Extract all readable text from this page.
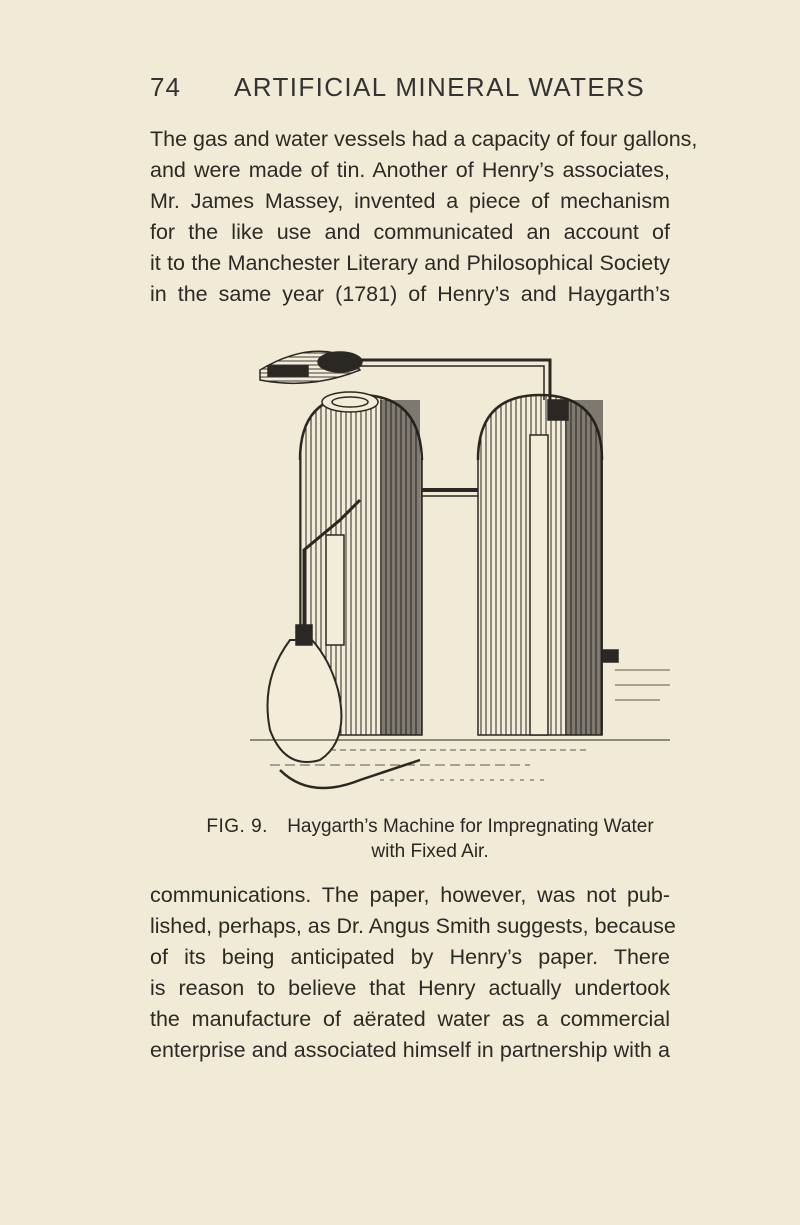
74 ARTIFICIAL MINERAL WATERS
The gas and water vessels had a capacity of four gallons,
and were made of tin. Another of Henry’s associates,
Mr. James Massey, invented a piece of mechanism
for the like use and communicated an account of
it to the Manchester Literary and Philosophical Society
in the same year (1781) of Henry’s and Haygarth’s
FIG. 9. Haygarth’s Machine for Impregnating Water
with Fixed Air.
communications. The paper, however, was not pub-
lished, perhaps, as Dr. Angus Smith suggests, because
of its being anticipated by Henry’s paper. There
is reason to believe that Henry actually undertook
the manufacture of aërated water as a commercial
enterprise and associated himself in partnership with a
